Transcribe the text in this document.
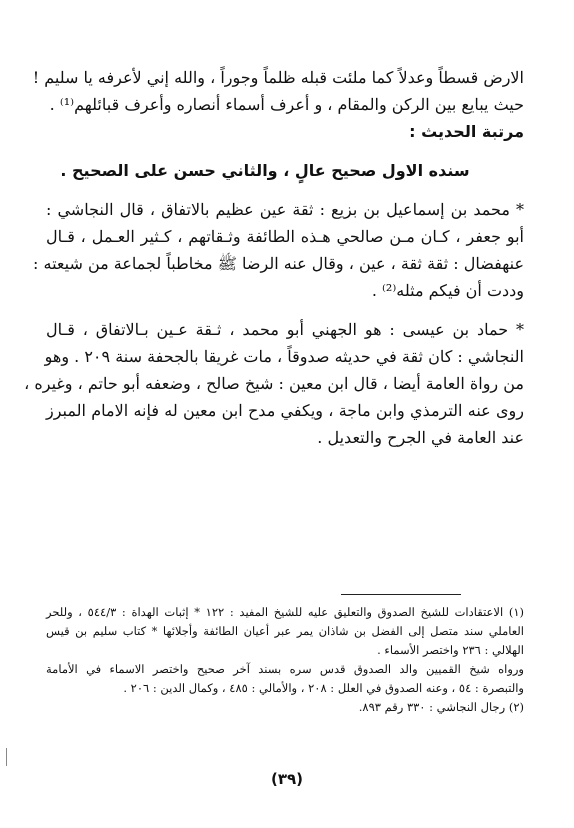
الارض قسطاً وعدلاً كما ملئت قبله ظلماً وجوراً ، والله إني لأعرفه يا سليم !
حيث يبايع بين الركن والمقام ، و أعرف أسماء أنصاره وأعرف قبائلهم⁽¹⁾ .
مرتبة الحديث :
سنده الاول صحيح عالٍ ، والثاني حسن على الصحيح .
* محمد بن إسماعيل بن بزيع : ثقة عين عظيم بالاتفاق ، قال النجاشي :
أبو جعفر ، كـان مـن صالحي هـذه الطائفة وثـقاتهم ، كـثير العـمل ، قـال
عنهفضال : ثقة ثقة ، عين ، وقال عنه الرضا ﷺ مخاطباً لجماعة من شيعته :
وددت أن فيكم مثله⁽²⁾ .
* حماد بن عيسى : هو الجهني أبو محمد ، ثـقة عـين بـالاتفاق ، قـال
النجاشي : كان ثقة في حديثه صدوقاً ، مات غريقا بالجحفة سنة ٢٠٩ . وهو
من رواة العامة أيضا ، قال ابن معين : شيخ صالح ، وضعفه أبو حاتم ، وغيره ،
روى عنه الترمذي وابن ماجة ، ويكفي مدح ابن معين له فإنه الامام المبرز
عند العامة في الجرح والتعديل .
(١) الاعتقادات للشيخ الصدوق والتعليق عليه للشيخ المفيد : ١٢٢ * إثبات الهداة : ٥٤٤/٣ ، وللحر
العاملي سند متصل إلى الفضل بن شاذان يمر عبر أعيان الطائفة وأجلائها * كتاب سليم بن قيس
الهلالي : ٢٣٦ واختصر الأسماء .
ورواه شيخ القميين والد الصدوق قدس سره بسند آخر صحيح واختصر الاسماء في الأمامة
والتبصرة : ٥٤ ، وعنه الصدوق في العلل : ٢٠٨ ، والأمالي : ٤٨٥ ، وكمال الدين : ٢٠٦ .
(٢) رجال النجاشي : ٣٣٠ رقم ٨٩٣.
(٣٩)
